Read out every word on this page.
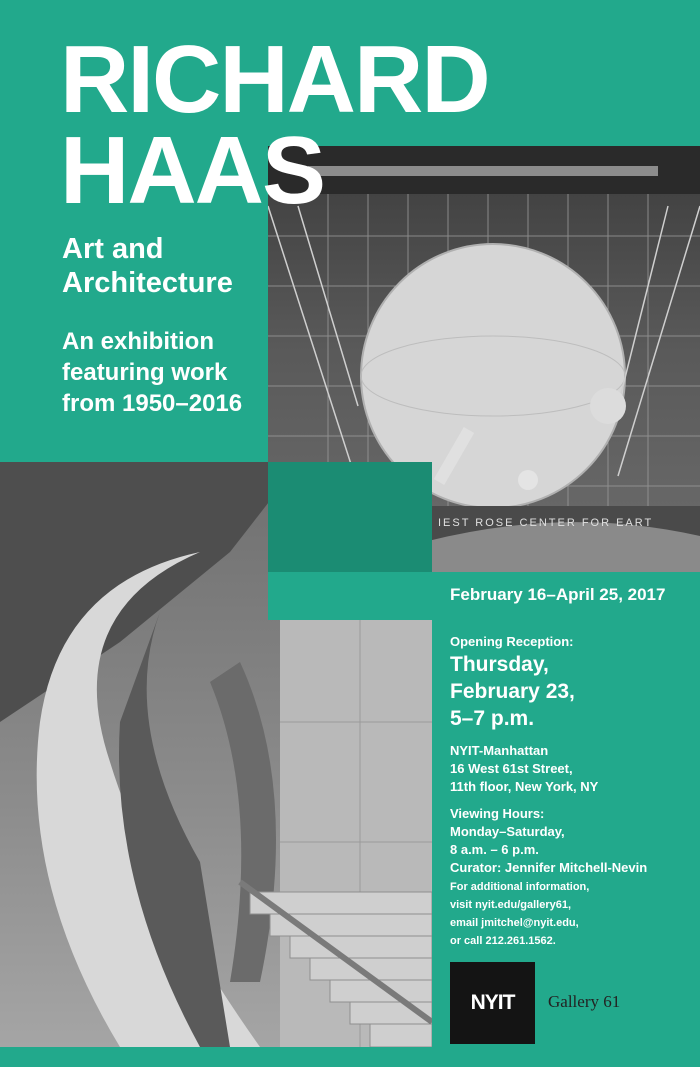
RICHARD
HAAS
Art and
Architecture

An exhibition

featuring work

from 1950–2016

IEST ROSE CENTER FOR EART

February 16–April 25, 2017

Opening Reception:

Thursday,

February 23,

5–7 p.m.

NYIT-Manhattan

16 West 61st Street,

11th floor, New York, NY

Viewing Hours:

Monday–Saturday,

8 a.m. – 6 p.m.

Curator: Jennifer Mitchell-Nevin

For additional information,

visit nyit.edu/gallery61,

email jmitchel@nyit.edu,

or call 212.261.1562.

NYIT Gallery 61
